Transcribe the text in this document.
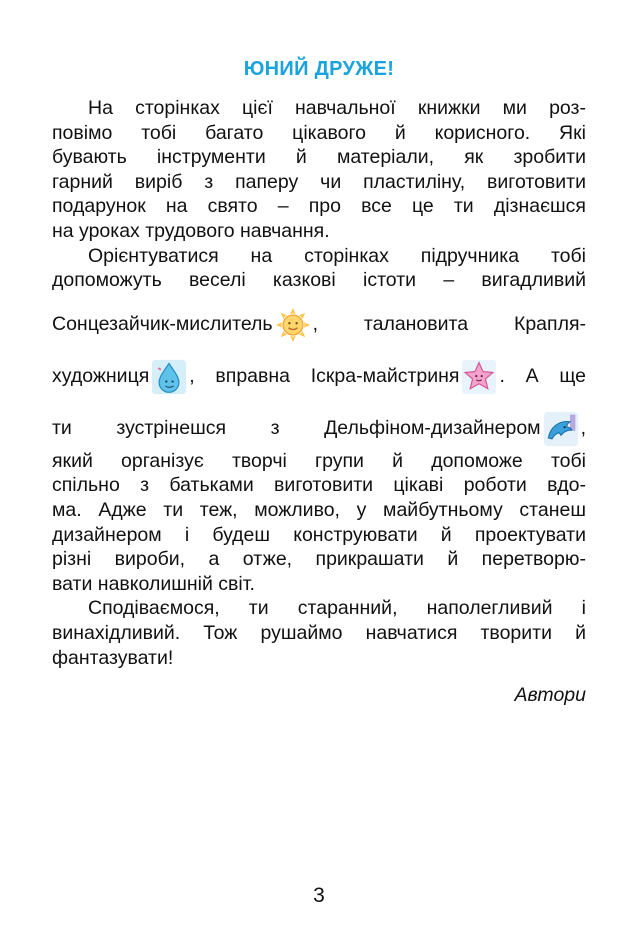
ЮНИЙ ДРУЖЕ!
На сторінках цієї навчальної книжки ми роз-
повімо тобі багато цікавого й корисного. Які
бувають інструменти й матеріали, як зробити
гарний виріб з паперу чи пластиліну, виготовити
подарунок на свято – про все це ти дізнаєшся
на уроках трудового навчання.
Орієнтуватися на сторінках підручника тобі
допоможуть веселі казкові істоти – вигадливий
Сонцезайчик-мислитель , талановита Крапля-
художниця , вправна Іскра-майстриня . А ще
ти зустрінешся з Дельфіном-дизайнером ,
який організує творчі групи й допоможе тобі
спільно з батьками виготовити цікаві роботи вдо-
ма. Адже ти теж, можливо, у майбутньому станеш
дизайнером і будеш конструювати й проектувати
різні вироби, а отже, прикрашати й перетворю-
вати навколишній світ.
Сподіваємося, ти старанний, наполегливий і
винахідливий. Тож рушаймо навчатися творити й
фантазувати!
Автори
3
